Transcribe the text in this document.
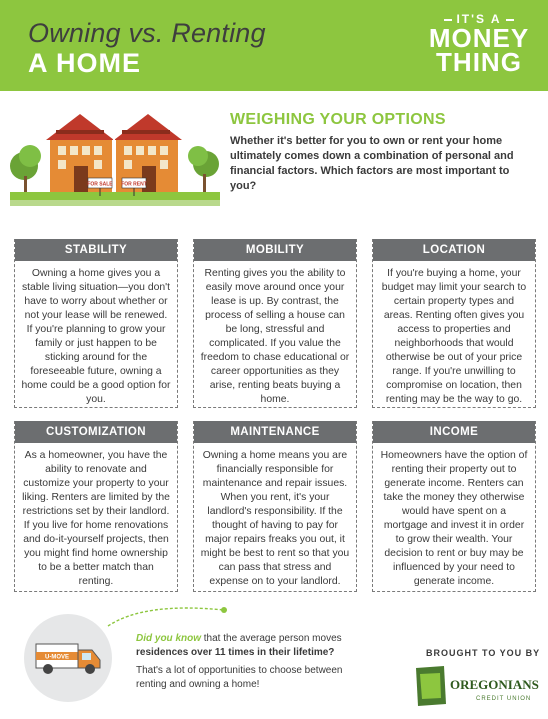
Owning vs. Renting
A HOME
IT'S A
MONEY
THING
FOR SALE FOR RENT
WEIGHING YOUR OPTIONS
Whether it's better for you to own or rent your home ultimately comes down a combination of personal and financial factors. Which factors are most important to you?
STABILITY
Owning a home gives you a stable living situation—you don't have to worry about whether or not your lease will be renewed. If you're planning to grow your family or just happen to be sticking around for the foreseeable future, owning a home could be a good option for you.
MOBILITY
Renting gives you the ability to easily move around once your lease is up. By contrast, the process of selling a house can be long, stressful and complicated. If you value the freedom to chase educational or career opportunities as they arise, renting beats buying a home.
LOCATION
If you're buying a home, your budget may limit your search to certain property types and areas. Renting often gives you access to properties and neighborhoods that would otherwise be out of your price range. If you're unwilling to compromise on location, then renting may be the way to go.
CUSTOMIZATION
As a homeowner, you have the ability to renovate and customize your property to your liking. Renters are limited by the restrictions set by their landlord. If you live for home renovations and do-it-yourself projects, then you might find home ownership to be a better match than renting.
MAINTENANCE
Owning a home means you are financially responsible for maintenance and repair issues. When you rent, it's your landlord's responsibility. If the thought of having to pay for major repairs freaks you out, it might be best to rent so that you can pass that stress and expense on to your landlord.
INCOME
Homeowners have the option of renting their property out to generate income. Renters can take the money they otherwise would have spent on a mortgage and invest it in order to grow their wealth. Your decision to rent or buy may be influenced by your need to generate income.
U-MOVE
Did you know that the average person moves residences over 11 times in their lifetime?
That's a lot of opportunities to choose between renting and owning a home!
BROUGHT TO YOU BY
OREGONIANS
CREDIT UNION
